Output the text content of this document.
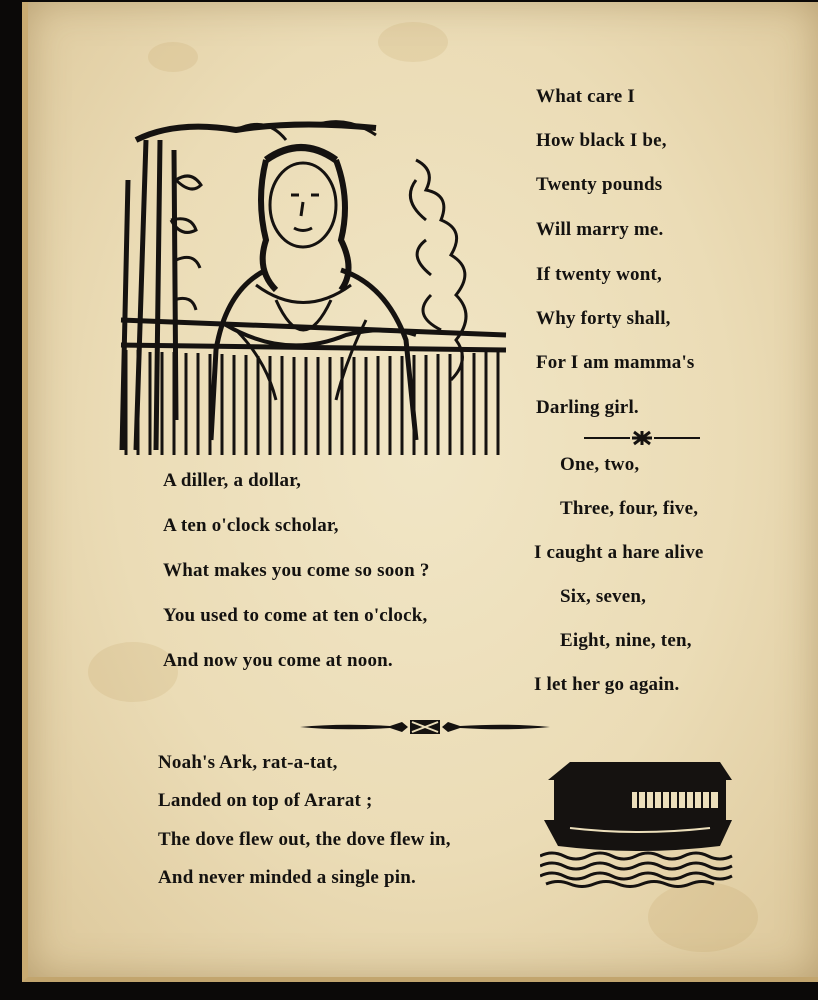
What care I
How black I be,
Twenty pounds
Will marry me.
If twenty wont,
Why forty shall,
For I am mamma's
Darling girl.
A diller, a dollar,
A ten o'clock scholar,
What makes you come so soon ?
You used to come at ten o'clock,
And now you come at noon.
One, two,
Three, four, five,
I caught a hare alive
Six, seven,
Eight, nine, ten,
I let her go again.
Noah's Ark, rat-a-tat,
Landed on top of Ararat ;
The dove flew out, the dove flew in,
And never minded a single pin.
